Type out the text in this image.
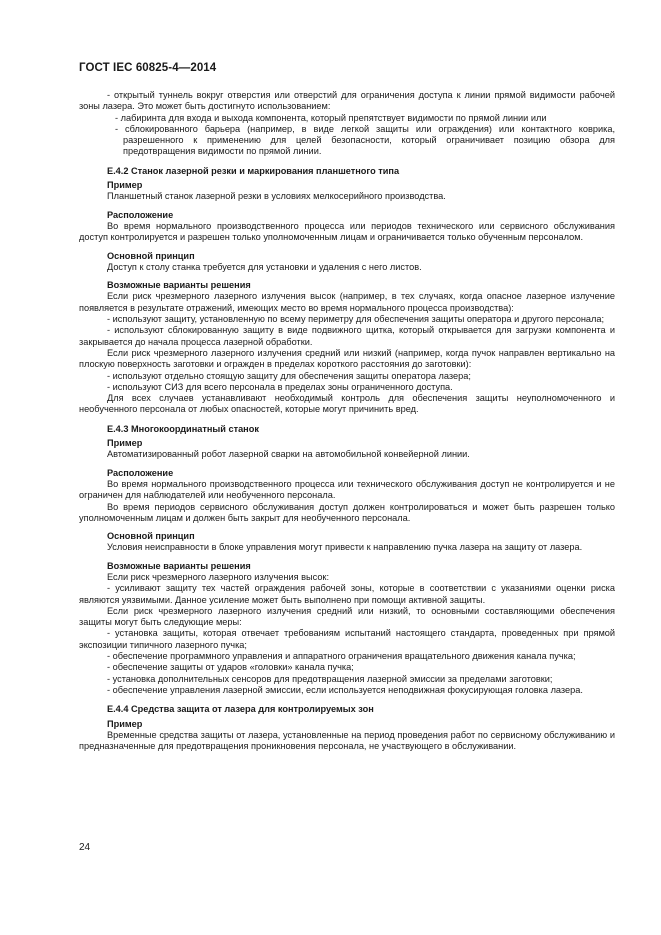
ГОСТ IEC 60825-4—2014
- открытый туннель вокруг отверстия или отверстий для ограничения доступа к линии прямой видимости рабочей зоны лазера. Это может быть достигнуто использованием:
- лабиринта для входа и выхода компонента, который препятствует видимости по прямой линии или
- сблокированного барьера (например, в виде легкой защиты или ограждения) или контактного коврика, разрешенного к применению для целей безопасности, который ограничивает позицию обзора для предотвращения видимости по прямой линии.
Е.4.2 Станок лазерной резки и маркирования планшетного типа
Пример
Планшетный станок лазерной резки в условиях мелкосерийного производства.
Расположение
Во время нормального производственного процесса или периодов технического или сервисного обслуживания доступ контролируется и разрешен только уполномоченным лицам и ограничивается только обученным персоналом.
Основной принцип
Доступ к столу станка требуется для установки и удаления с него листов.
Возможные варианты решения
Если риск чрезмерного лазерного излучения высок (например, в тех случаях, когда опасное лазерное излучение появляется в результате отражений, имеющих место во время нормального процесса производства):
- используют защиту, установленную по всему периметру для обеспечения защиты оператора и другого персонала;
- используют сблокированную защиту в виде подвижного щитка, который открывается для загрузки компонента и закрывается до начала процесса лазерной обработки.
Если риск чрезмерного лазерного излучения средний или низкий (например, когда пучок направлен вертикально на плоскую поверхность заготовки и огражден в пределах короткого расстояния до заготовки):
- используют отдельно стоящую защиту для обеспечения защиты оператора лазера;
- используют СИЗ для всего персонала в пределах зоны ограниченного доступа.
Для всех случаев устанавливают необходимый контроль для обеспечения защиты неуполномоченного и необученного персонала от любых опасностей, которые могут причинить вред.
Е.4.3 Многокоординатный станок
Пример
Автоматизированный робот лазерной сварки на автомобильной конвейерной линии.
Расположение
Во время нормального производственного процесса или технического обслуживания доступ не контролируется и не ограничен для наблюдателей или необученного персонала.
Во время периодов сервисного обслуживания доступ должен контролироваться и может быть разрешен только уполномоченным лицам и должен быть закрыт для необученного персонала.
Основной принцип
Условия неисправности в блоке управления могут привести к направлению пучка лазера на защиту от лазера.
Возможные варианты решения
Если риск чрезмерного лазерного излучения высок:
- усиливают защиту тех частей ограждения рабочей зоны, которые в соответствии с указаниями оценки риска являются уязвимыми. Данное усиление может быть выполнено при помощи активной защиты.
Если риск чрезмерного лазерного излучения средний или низкий, то основными составляющими обеспечения защиты могут быть следующие меры:
- установка защиты, которая отвечает требованиям испытаний настоящего стандарта, проведенных при прямой экспозиции типичного лазерного пучка;
- обеспечение программного управления и аппаратного ограничения вращательного движения канала пучка;
- обеспечение защиты от ударов «головки» канала пучка;
- установка дополнительных сенсоров для предотвращения лазерной эмиссии за пределами заготовки;
- обеспечение управления лазерной эмиссии, если используется неподвижная фокусирующая головка лазера.
Е.4.4 Средства защита от лазера для контролируемых зон
Пример
Временные средства защиты от лазера, установленные на период проведения работ по сервисному обслуживанию и предназначенные для предотвращения проникновения персонала, не участвующего в обслуживании.
24
